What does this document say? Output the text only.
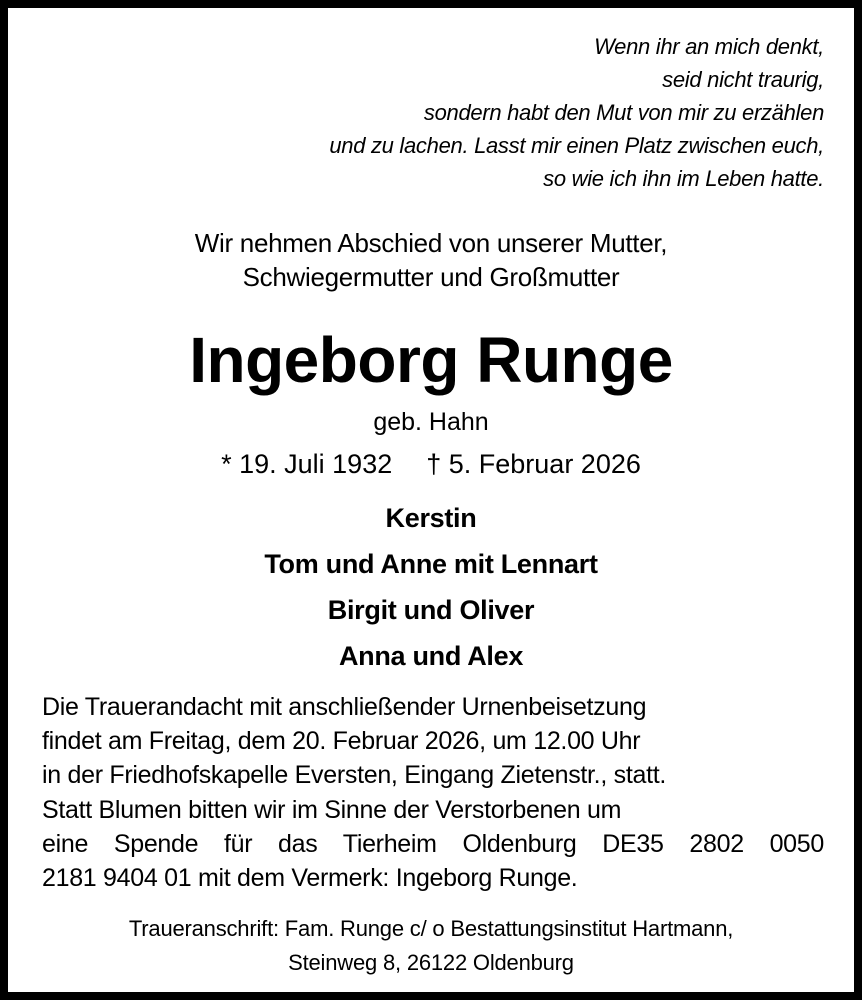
Wenn ihr an mich denkt,
seid nicht traurig,
sondern habt den Mut von mir zu erzählen
und zu lachen. Lasst mir einen Platz zwischen euch,
so wie ich ihn im Leben hatte.
Wir nehmen Abschied von unserer Mutter,
Schwiegermutter und Großmutter
Ingeborg Runge
geb. Hahn
* 19. Juli 1932 † 5. Februar 2026
Kerstin
Tom und Anne mit Lennart
Birgit und Oliver
Anna und Alex
Die Trauerandacht mit anschließender Urnenbeisetzung
findet am Freitag, dem 20. Februar 2026, um 12.00 Uhr
in der Friedhofskapelle Eversten, Eingang Zietenstr., statt.
Statt Blumen bitten wir im Sinne der Verstorbenen um
eine Spende für das Tierheim Oldenburg DE35 2802 0050
2181 9404 01 mit dem Vermerk: Ingeborg Runge.
Traueranschrift: Fam. Runge c/ o Bestattungsinstitut Hartmann,
Steinweg 8, 26122 Oldenburg
